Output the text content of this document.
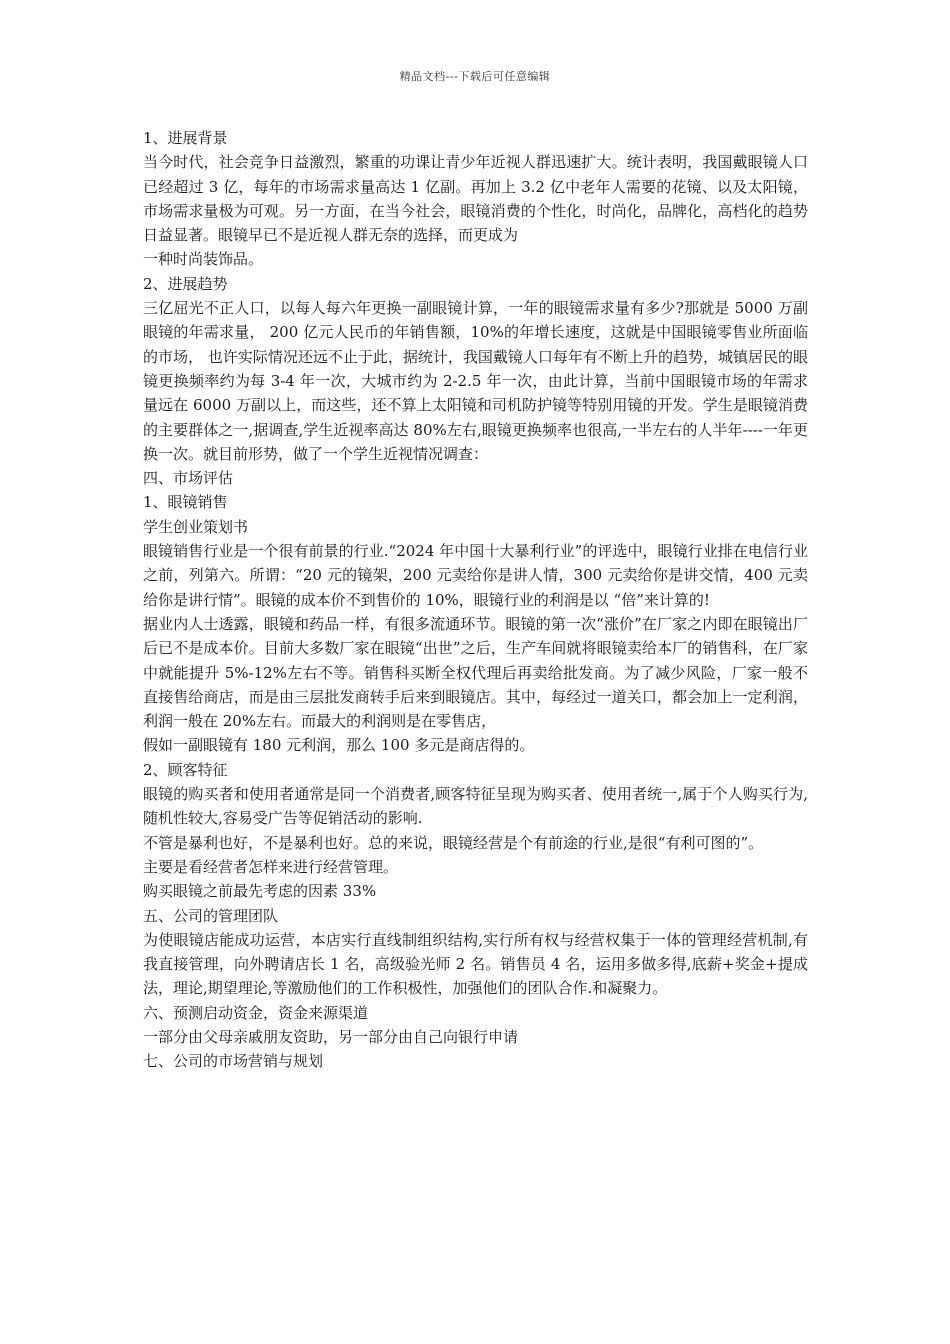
精品文档---下载后可任意编辑

1、进展背景

当今时代，社会竞争日益激烈，繁重的功课让青少年近视人群迅速扩大。统计表明，我国戴眼镜人口已经超过 3 亿，每年的市场需求量高达 1 亿副。再加上 3.2 亿中老年人需要的花镜、以及太阳镜，市场需求量极为可观。另一方面，在当今社会，眼镜消费的个性化，时尚化，品牌化，高档化的趋势日益显著。眼镜早已不是近视人群无奈的选择，而更成为

一种时尚装饰品。

2、进展趋势

三亿屈光不正人口，以每人每六年更换一副眼镜计算，一年的眼镜需求量有多少?那就是 5000 万副眼镜的年需求量， 200 亿元人民币的年销售额，10%的年增长速度，这就是中国眼镜零售业所面临的市场， 也许实际情况还远不止于此，据统计，我国戴镜人口每年有不断上升的趋势，城镇居民的眼镜更换频率约为每 3-4 年一次，大城市约为 2-2.5 年一次，由此计算，当前中国眼镜市场的年需求量远在 6000 万副以上，而这些，还不算上太阳镜和司机防护镜等特别用镜的开发。学生是眼镜消费的主要群体之一,据调查,学生近视率高达 80%左右,眼镜更换频率也很高,一半左右的人半年----一年更换一次。就目前形势，做了一个学生近视情况调查：

四、市场评估

1、眼镜销售

学生创业策划书

眼镜销售行业是一个很有前景的行业.“2024 年中国十大暴利行业”的评选中，眼镜行业排在电信行业之前，列第六。所谓：“20 元的镜架，200 元卖给你是讲人情，300 元卖给你是讲交情，400 元卖给你是讲行情”。眼镜的成本价不到售价的 10%，眼镜行业的利润是以 “倍”来计算的!

据业内人士透露，眼镜和药品一样，有很多流通环节。眼镜的第一次“涨价”在厂家之内即在眼镜出厂后已不是成本价。目前大多数厂家在眼镜“出世”之后，生产车间就将眼镜卖给本厂的销售科，在厂家中就能提升 5%-12%左右不等。销售科买断全权代理后再卖给批发商。为了减少风险，厂家一般不直接售给商店，而是由三层批发商转手后来到眼镜店。其中，每经过一道关口，都会加上一定利润，利润一般在 20%左右。而最大的利润则是在零售店，

假如一副眼镜有 180 元利润，那么 100 多元是商店得的。

2、顾客特征

眼镜的购买者和使用者通常是同一个消费者,顾客特征呈现为购买者、使用者统一,属于个人购买行为,随机性较大,容易受广告等促销活动的影响.

不管是暴利也好，不是暴利也好。总的来说，眼镜经营是个有前途的行业,是很“有利可图的”。

主要是看经营者怎样来进行经营管理。

购买眼镜之前最先考虑的因素 33%

五、公司的管理团队

为使眼镜店能成功运营，本店实行直线制组织结构,实行所有权与经营权集于一体的管理经营机制,有我直接管理，向外聘请店长 1 名，高级验光师 2 名。销售员 4 名，运用多做多得,底薪+奖金+提成法，理论,期望理论,等激励他们的工作积极性，加强他们的团队合作.和凝聚力。

六、预测启动资金，资金来源渠道

一部分由父母亲戚朋友资助，另一部分由自己向银行申请

七、公司的市场营销与规划
